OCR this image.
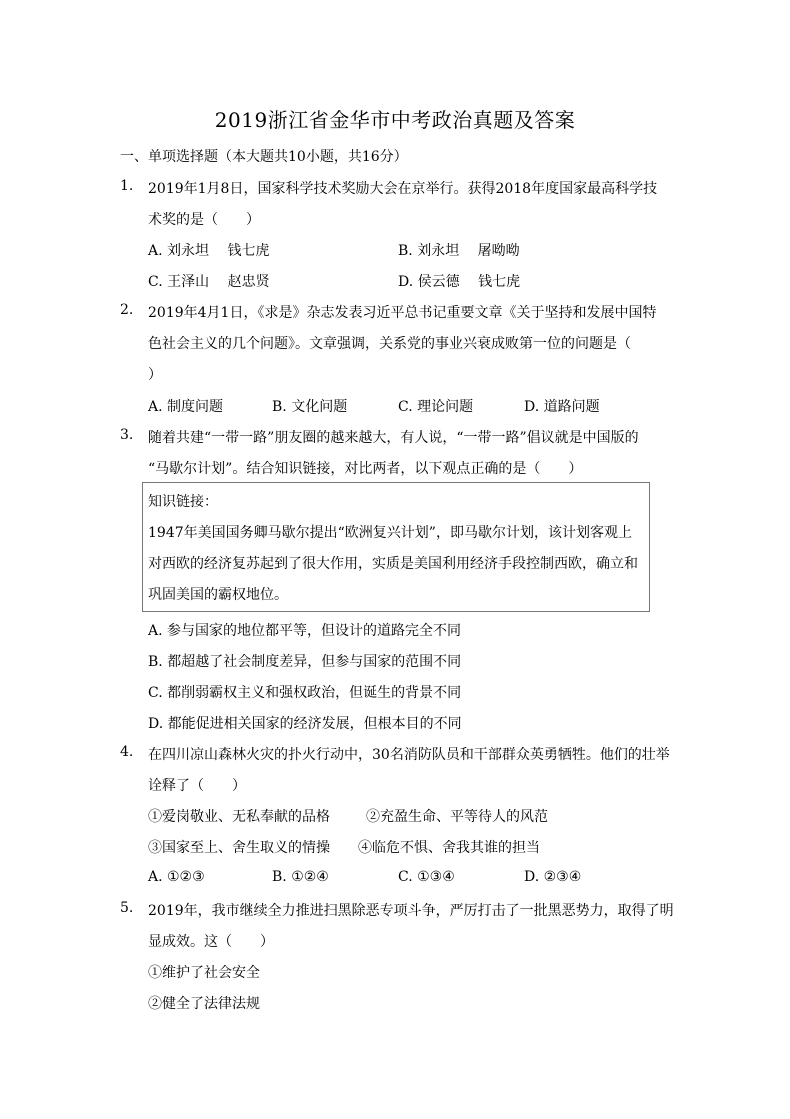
2019浙江省金华市中考政治真题及答案
一、单项选择题（本大题共10小题，共16分）
1. 2019年1月8日，国家科学技术奖励大会在京举行。获得2018年度国家最高科学技
术奖的是（　　）
A. 刘永坦　 钱七虎	B. 刘永坦　 屠呦呦
C. 王泽山　 赵忠贤	D. 侯云德　 钱七虎
2. 2019年4月1日，《求是》杂志发表习近平总书记重要文章《关于坚持和发展中国特
色社会主义的几个问题》。文章强调，关系党的事业兴衰成败第一位的问题是（
）
A. 制度问题	B. 文化问题	C. 理论问题	D. 道路问题
3. 随着共建“一带一路”朋友圈的越来越大，有人说，“一带一路”倡议就是中国版的
“马歇尔计划”。结合知识链接，对比两者，以下观点正确的是（　　）
知识链接：
1947年美国国务卿马歇尔提出“欧洲复兴计划”，即马歇尔计划，该计划客观上
对西欧的经济复苏起到了很大作用，实质是美国利用经济手段控制西欧，确立和
巩固美国的霸权地位。
A. 参与国家的地位都平等，但设计的道路完全不同
B. 都超越了社会制度差异，但参与国家的范围不同
C. 都削弱霸权主义和强权政治，但诞生的背景不同
D. 都能促进相关国家的经济发展，但根本目的不同
4. 在四川凉山森林火灾的扑火行动中，30名消防队员和干部群众英勇牺牲。他们的壮举
诠释了（　　）
①爱岗敬业、无私奉献的品格	②充盈生命、平等待人的风范
③国家至上、舍生取义的情操 ④临危不惧、舍我其谁的担当
A. ①②③	B. ①②④	C. ①③④	D. ②③④
5. 2019年，我市继续全力推进扫黑除恶专项斗争，严厉打击了一批黑恶势力，取得了明
显成效。这（　　）
①维护了社会安全
②健全了法律法规
